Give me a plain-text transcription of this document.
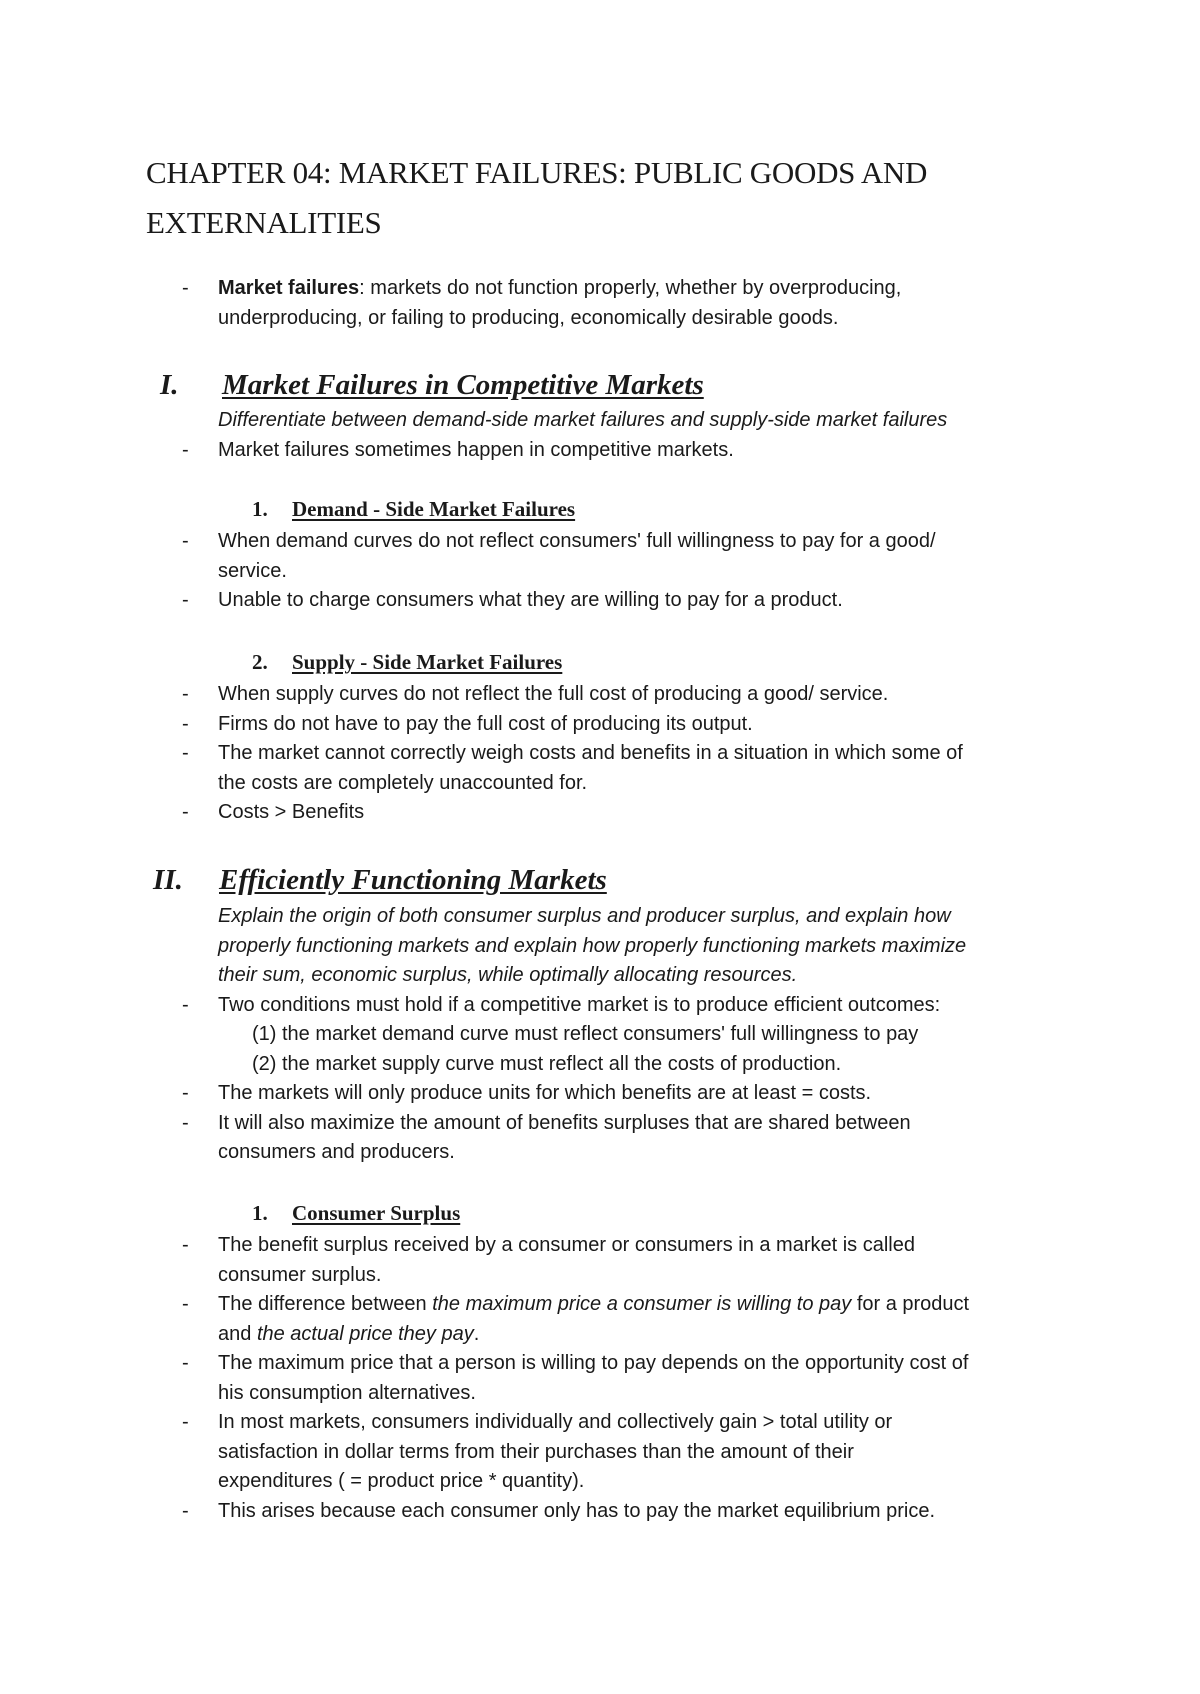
CHAPTER 04: MARKET FAILURES: PUBLIC GOODS AND
EXTERNALITIES
- Market failures: markets do not function properly, whether by overproducing,
underproducing, or failing to producing, economically desirable goods.
I. Market Failures in Competitive Markets
Differentiate between demand-side market failures and supply-side market failures
- Market failures sometimes happen in competitive markets.
1. Demand - Side Market Failures
- When demand curves do not reflect consumers' full willingness to pay for a good/
service.
- Unable to charge consumers what they are willing to pay for a product.
2. Supply - Side Market Failures
- When supply curves do not reflect the full cost of producing a good/ service.
- Firms do not have to pay the full cost of producing its output.
- The market cannot correctly weigh costs and benefits in a situation in which some of
the costs are completely unaccounted for.
- Costs > Benefits
II. Efficiently Functioning Markets
Explain the origin of both consumer surplus and producer surplus, and explain how
properly functioning markets and explain how properly functioning markets maximize
their sum, economic surplus, while optimally allocating resources.
- Two conditions must hold if a competitive market is to produce efficient outcomes:
(1) the market demand curve must reflect consumers' full willingness to pay
(2) the market supply curve must reflect all the costs of production.
- The markets will only produce units for which benefits are at least = costs.
- It will also maximize the amount of benefits surpluses that are shared between
consumers and producers.
1. Consumer Surplus
- The benefit surplus received by a consumer or consumers in a market is called
consumer surplus.
- The difference between the maximum price a consumer is willing to pay for a product
and the actual price they pay.
- The maximum price that a person is willing to pay depends on the opportunity cost of
his consumption alternatives.
- In most markets, consumers individually and collectively gain > total utility or
satisfaction in dollar terms from their purchases than the amount of their
expenditures ( = product price * quantity).
- This arises because each consumer only has to pay the market equilibrium price.
